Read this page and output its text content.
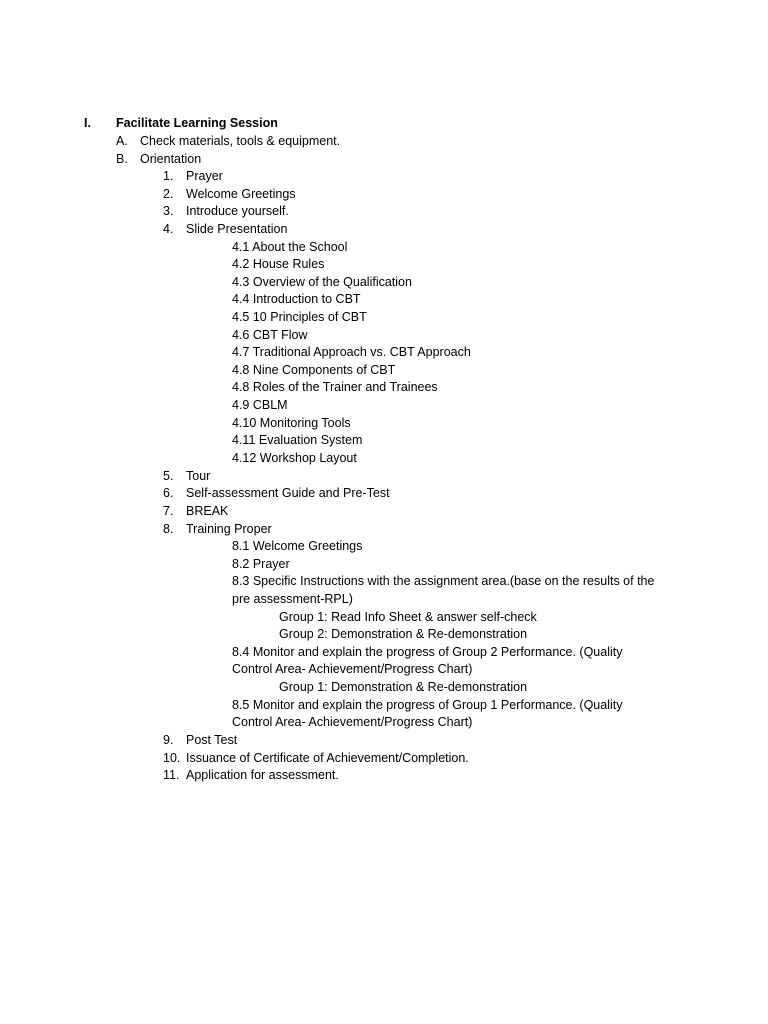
I. Facilitate Learning Session
A. Check materials, tools & equipment.
B. Orientation
1. Prayer
2. Welcome Greetings
3. Introduce yourself.
4. Slide Presentation
4.1 About the School
4.2 House Rules
4.3 Overview of the Qualification
4.4 Introduction to CBT
4.5 10 Principles of CBT
4.6 CBT Flow
4.7 Traditional Approach vs. CBT Approach
4.8 Nine Components of CBT
4.8 Roles of the Trainer and Trainees
4.9 CBLM
4.10 Monitoring Tools
4.11 Evaluation System
4.12 Workshop Layout
5. Tour
6. Self-assessment Guide and Pre-Test
7. BREAK
8. Training Proper
8.1 Welcome Greetings
8.2 Prayer
8.3 Specific Instructions with the assignment area.(base on the results of the
pre assessment-RPL)
Group 1: Read Info Sheet & answer self-check
Group 2: Demonstration & Re-demonstration
8.4 Monitor and explain the progress of Group 2 Performance. (Quality
Control Area- Achievement/Progress Chart)
Group 1: Demonstration & Re-demonstration
8.5 Monitor and explain the progress of Group 1 Performance. (Quality
Control Area- Achievement/Progress Chart)
9. Post Test
10. Issuance of Certificate of Achievement/Completion.
11. Application for assessment.
